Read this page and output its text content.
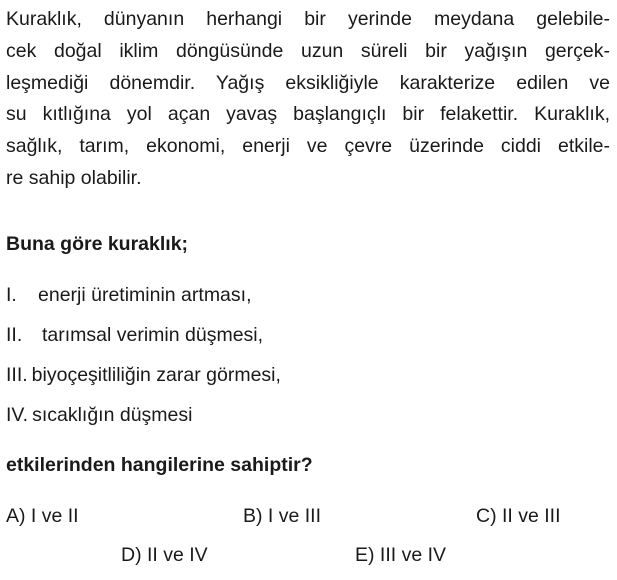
Kuraklık, dünyanın herhangi bir yerinde meydana gelebile-
cek doğal iklim döngüsünde uzun süreli bir yağışın gerçek-
leşmediği dönemdir. Yağış eksikliğiyle karakterize edilen ve
su kıtlığına yol açan yavaş başlangıçlı bir felakettir. Kuraklık,
sağlık, tarım, ekonomi, enerji ve çevre üzerinde ciddi etkile-
re sahip olabilir.

Buna göre kuraklık;

I. enerji üretiminin artması,
II. tarımsal verimin düşmesi,
III. biyoçeşitliliğin zarar görmesi,
IV. sıcaklığın düşmesi

etkilerinden hangilerine sahiptir?

A) I ve II	B) I ve III	C) II ve III
D) II ve IV	E) III ve IV
